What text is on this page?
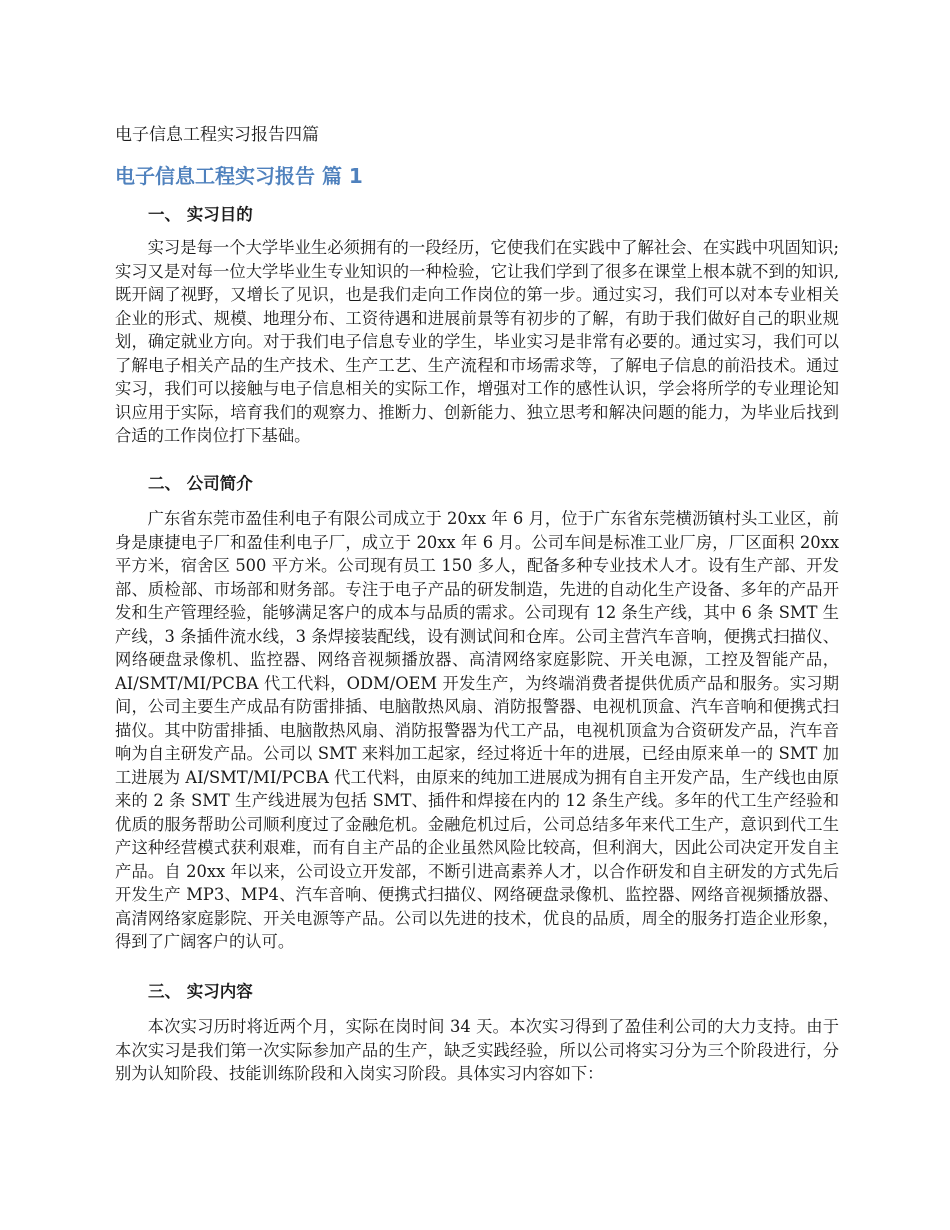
电子信息工程实习报告四篇
电子信息工程实习报告 篇 1
一、 实习目的

实习是每一个大学毕业生必须拥有的一段经历，它使我们在实践中了解社会、在实践中巩固知识;实习又是对每一位大学毕业生专业知识的一种检验，它让我们学到了很多在课堂上根本就不到的知识,既开阔了视野，又增长了见识，也是我们走向工作岗位的第一步。通过实习，我们可以对本专业相关企业的形式、规模、地理分布、工资待遇和进展前景等有初步的了解，有助于我们做好自己的职业规划，确定就业方向。对于我们电子信息专业的学生，毕业实习是非常有必要的。通过实习，我们可以了解电子相关产品的生产技术、生产工艺、生产流程和市场需求等，了解电子信息的前沿技术。通过实习，我们可以接触与电子信息相关的实际工作，增强对工作的感性认识，学会将所学的专业理论知识应用于实际，培育我们的观察力、推断力、创新能力、独立思考和解决问题的能力，为毕业后找到合适的工作岗位打下基础。

二、 公司简介

广东省东莞市盈佳利电子有限公司成立于 20xx 年 6 月，位于广东省东莞横沥镇村头工业区，前身是康捷电子厂和盈佳利电子厂，成立于 20xx 年 6 月。公司车间是标准工业厂房，厂区面积 20xx 平方米，宿舍区 500 平方米。公司现有员工 150 多人，配备多种专业技术人才。设有生产部、开发部、质检部、市场部和财务部。专注于电子产品的研发制造，先进的自动化生产设备、多年的产品开发和生产管理经验，能够满足客户的成本与品质的需求。公司现有 12 条生产线，其中 6 条 SMT 生产线，3 条插件流水线，3 条焊接装配线，设有测试间和仓库。公司主营汽车音响，便携式扫描仪、网络硬盘录像机、监控器、网络音视频播放器、高清网络家庭影院、开关电源，工控及智能产品，AI/SMT/MI/PCBA 代工代料，ODM/OEM 开发生产，为终端消费者提供优质产品和服务。实习期间，公司主要生产成品有防雷排插、电脑散热风扇、消防报警器、电视机顶盒、汽车音响和便携式扫描仪。其中防雷排插、电脑散热风扇、消防报警器为代工产品，电视机顶盒为合资研发产品，汽车音响为自主研发产品。公司以 SMT 来料加工起家，经过将近十年的进展，已经由原来单一的 SMT 加工进展为 AI/SMT/MI/PCBA 代工代料，由原来的纯加工进展成为拥有自主开发产品，生产线也由原来的 2 条 SMT 生产线进展为包括 SMT、插件和焊接在内的 12 条生产线。多年的代工生产经验和优质的服务帮助公司顺利度过了金融危机。金融危机过后，公司总结多年来代工生产，意识到代工生产这种经营模式获利艰难，而有自主产品的企业虽然风险比较高，但利润大，因此公司决定开发自主产品。自 20xx 年以来，公司设立开发部，不断引进高素养人才，以合作研发和自主研发的方式先后开发生产 MP3、MP4、汽车音响、便携式扫描仪、网络硬盘录像机、监控器、网络音视频播放器、高清网络家庭影院、开关电源等产品。公司以先进的技术，优良的品质，周全的服务打造企业形象，得到了广阔客户的认可。

三、 实习内容

本次实习历时将近两个月，实际在岗时间 34 天。本次实习得到了盈佳利公司的大力支持。由于本次实习是我们第一次实际参加产品的生产，缺乏实践经验，所以公司将实习分为三个阶段进行，分别为认知阶段、技能训练阶段和入岗实习阶段。具体实习内容如下：
